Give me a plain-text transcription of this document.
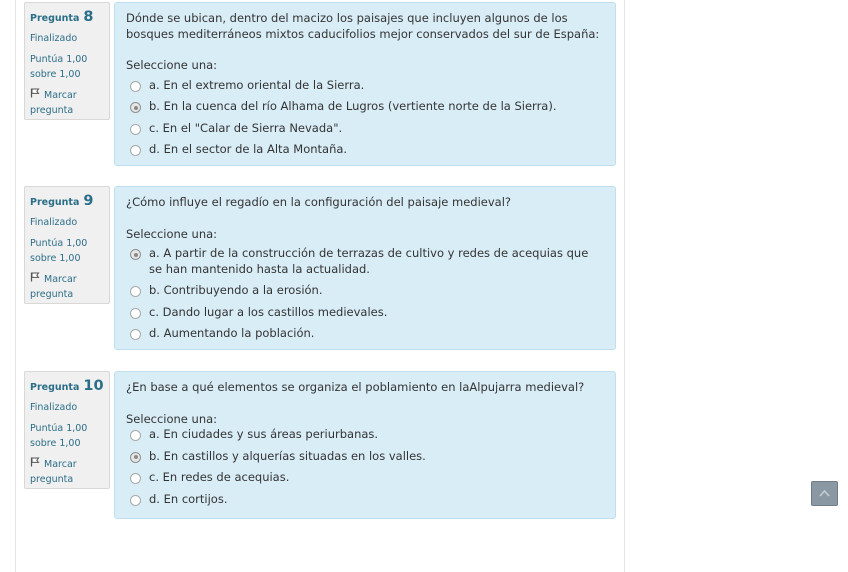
Pregunta 8
Finalizado
Puntúa 1,00
sobre 1,00
Marcar
pregunta
Dónde se ubican, dentro del macizo los paisajes que incluyen algunos de los bosques mediterráneos mixtos caducifolios mejor conservados del sur de España:
Seleccione una:
a. En el extremo oriental de la Sierra.
b. En la cuenca del río Alhama de Lugros (vertiente norte de la Sierra).
c. En el "Calar de Sierra Nevada".
d. En el sector de la Alta Montaña.
Pregunta 9
Finalizado
Puntúa 1,00
sobre 1,00
Marcar
pregunta
¿Cómo influye el regadío en la configuración del paisaje medieval?
Seleccione una:
a. A partir de la construcción de terrazas de cultivo y redes de acequias que se han mantenido hasta la actualidad.
b. Contribuyendo a la erosión.
c. Dando lugar a los castillos medievales.
d. Aumentando la población.
Pregunta 10
Finalizado
Puntúa 1,00
sobre 1,00
Marcar
pregunta
¿En base a qué elementos se organiza el poblamiento en laAlpujarra medieval?
Seleccione una:
a. En ciudades y sus áreas periurbanas.
b. En castillos y alquerías situadas en los valles.
c. En redes de acequias.
d. En cortijos.
